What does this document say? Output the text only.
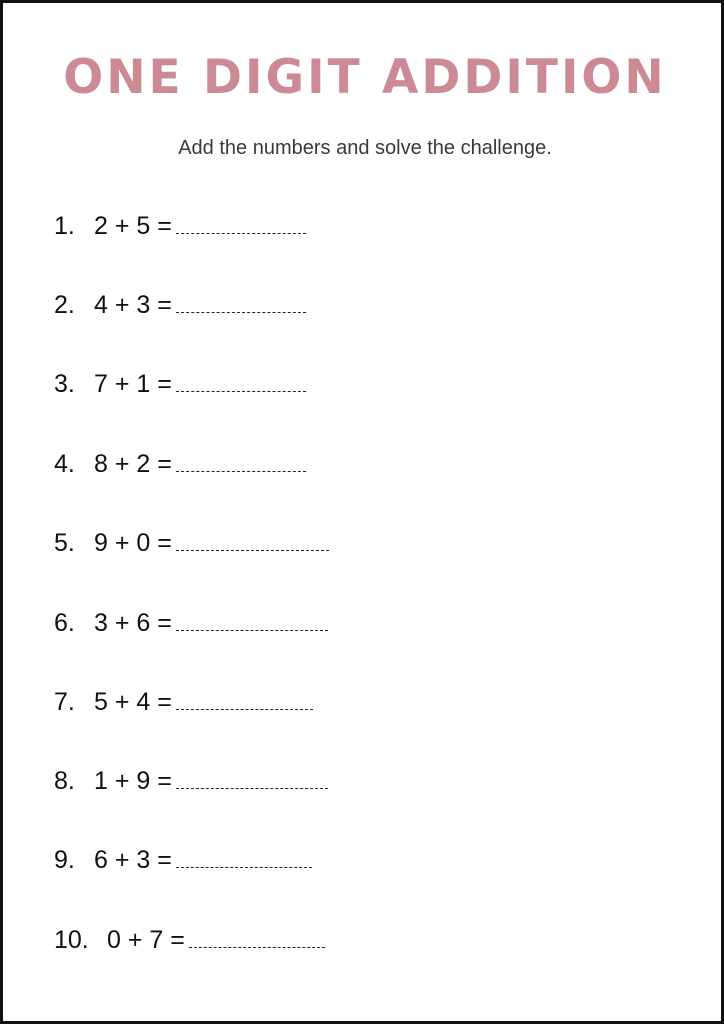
ONE DIGIT ADDITION
Add the numbers and solve the challenge.
1. 2 + 5 =
2. 4 + 3 =
3. 7 + 1 =
4. 8 + 2 =
5. 9 + 0 =
6. 3 + 6 =
7. 5 + 4 =
8. 1 + 9 =
9. 6 + 3 =
10. 0 + 7 =
